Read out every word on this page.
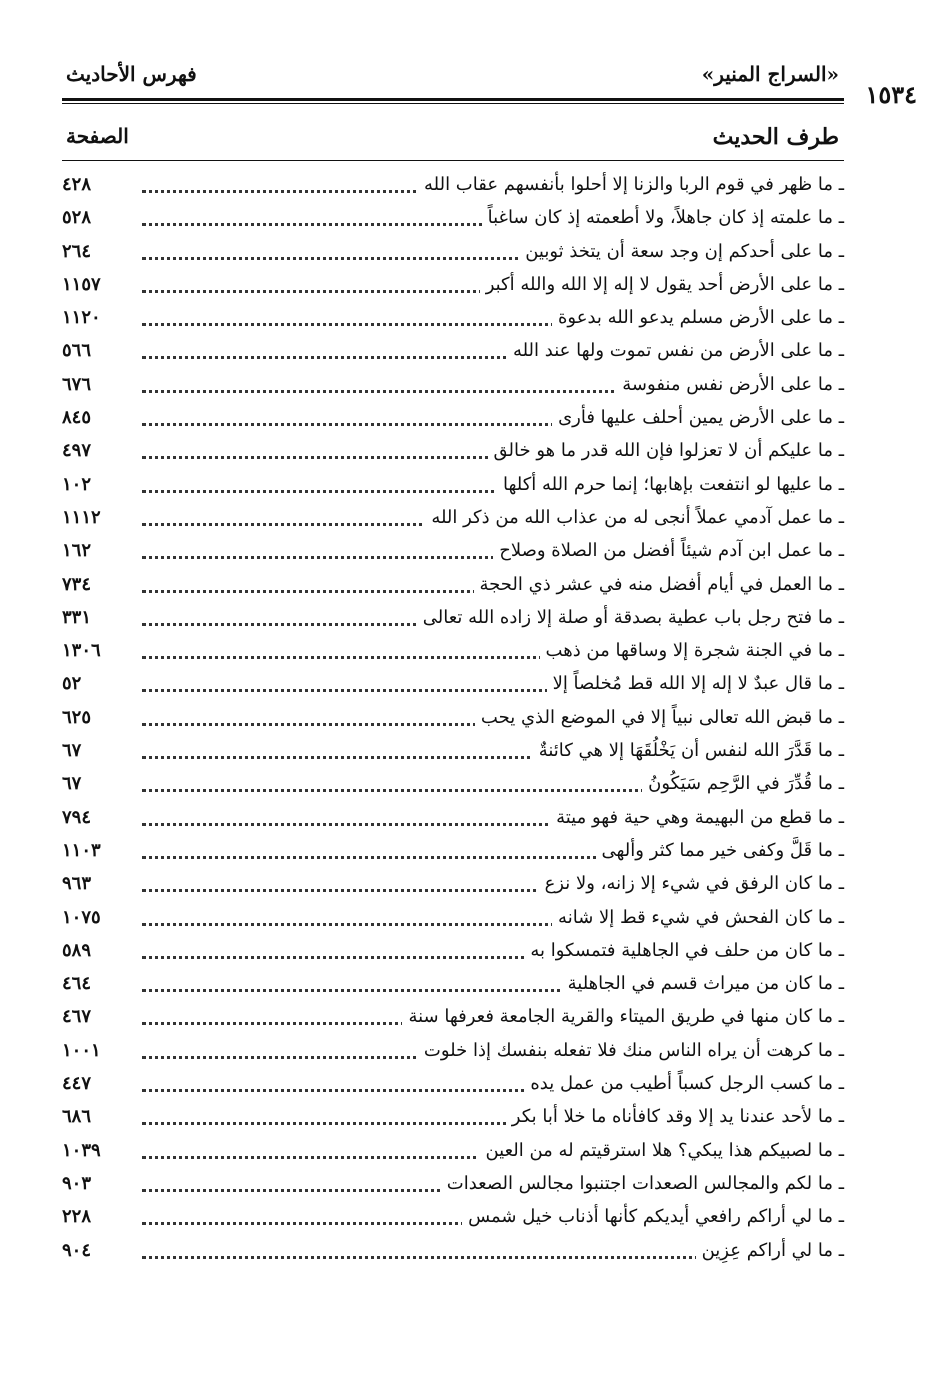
«السراج المنير»
١٥٣٤
فهرس الأحاديث
طرف الحديث
الصفحة
ـ ما ظهر في قوم الربا والزنا إلا أحلوا بأنفسهم عقاب الله
٤٢٨
ـ ما علمته إذ كان جاهلاً، ولا أطعمته إذ كان ساغباً
٥٢٨
ـ ما على أحدكم إن وجد سعة أن يتخذ ثوبين
٢٦٤
ـ ما على الأرض أحد يقول لا إله إلا الله والله أكبر
١١٥٧
ـ ما على الأرض مسلم يدعو الله بدعوة
١١٢٠
ـ ما على الأرض من نفس تموت ولها عند الله
٥٦٦
ـ ما على الأرض نفس منفوسة
٦٧٦
ـ ما على الأرض يمين أحلف عليها فأرى
٨٤٥
ـ ما عليكم أن لا تعزلوا فإن الله قدر ما هو خالق
٤٩٧
ـ ما عليها لو انتفعت بإهابها؛ إنما حرم الله أكلها
١٠٢
ـ ما عمل آدمي عملاً أنجى له من عذاب الله من ذكر الله
١١١٢
ـ ما عمل ابن آدم شيئاً أفضل من الصلاة وصلاح
١٦٢
ـ ما العمل في أيام أفضل منه في عشر ذي الحجة
٧٣٤
ـ ما فتح رجل باب عطية بصدقة أو صلة إلا زاده الله تعالى
٣٣١
ـ ما في الجنة شجرة إلا وساقها من ذهب
١٣٠٦
ـ ما قال عبدٌ لا إله إلا الله قط مُخلصاً إلا
٥٢
ـ ما قبض الله تعالى نبياً إلا في الموضع الذي يحب
٦٢٥
ـ ما قَدَّرَ الله لنفس أن يَخْلُقَهَا إلا هي كائنةٌ
٦٧
ـ ما قُدِّرَ في الرَّحِم سَيَكُونُ
٦٧
ـ ما قطع من البهيمة وهي حية فهو ميتة
٧٩٤
ـ ما قَلَّ وكفى خير مما كثر وألهى
١١٠٣
ـ ما كان الرفق في شيء إلا زانه، ولا نزع
٩٦٣
ـ ما كان الفحش في شيء قط إلا شانه
١٠٧٥
ـ ما كان من حلف في الجاهلية فتمسكوا به
٥٨٩
ـ ما كان من ميراث قسم في الجاهلية
٤٦٤
ـ ما كان منها في طريق الميتاء والقرية الجامعة فعرفها سنة
٤٦٧
ـ ما كرهت أن يراه الناس منك فلا تفعله بنفسك إذا خلوت
١٠٠١
ـ ما كسب الرجل كسباً أطيب من عمل يده
٤٤٧
ـ ما لأحد عندنا يد إلا وقد كافأناه ما خلا أبا بكر
٦٨٦
ـ ما لصبيكم هذا يبكي؟ هلا استرقيتم له من العين
١٠٣٩
ـ ما لكم والمجالس الصعدات اجتنبوا مجالس الصعدات
٩٠٣
ـ ما لي أراكم رافعي أيديكم كأنها أذناب خيل شمس
٢٢٨
ـ ما لي أراكم عِزِين
٩٠٤
